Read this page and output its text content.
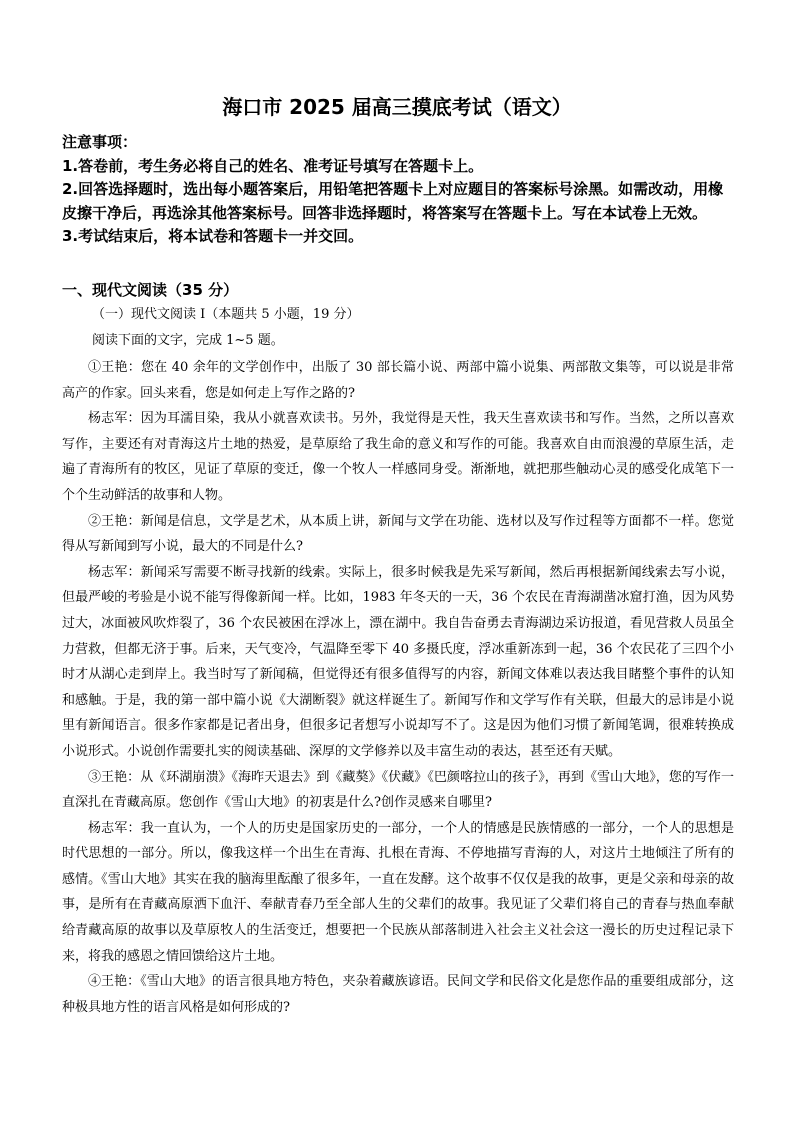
海口市 2025 届高三摸底考试（语文）

注意事项：

1.答卷前，考生务必将自己的姓名、准考证号填写在答题卡上。

2.回答选择题时，选出每小题答案后，用铅笔把答题卡上对应题目的答案标号涂黑。如需改动，用橡皮擦干净后，再选涂其他答案标号。回答非选择题时，将答案写在答题卡上。写在本试卷上无效。

3.考试结束后，将本试卷和答题卡一并交回。

一、现代文阅读（35 分）
（一）现代文阅读 Ⅰ（本题共 5 小题，19 分）
阅读下面的文字，完成 1~5 题。

①王艳：您在 40 余年的文学创作中，出版了 30 部长篇小说、两部中篇小说集、两部散文集等，可以说是非常高产的作家。回头来看，您是如何走上写作之路的?

杨志军：因为耳濡目染，我从小就喜欢读书。另外，我觉得是天性，我天生喜欢读书和写作。当然，之所以喜欢写作，主要还有对青海这片土地的热爱，是草原给了我生命的意义和写作的可能。我喜欢自由而浪漫的草原生活，走遍了青海所有的牧区，见证了草原的变迁，像一个牧人一样感同身受。渐渐地，就把那些触动心灵的感受化成笔下一个个生动鲜活的故事和人物。

②王艳：新闻是信息，文学是艺术，从本质上讲，新闻与文学在功能、选材以及写作过程等方面都不一样。您觉得从写新闻到写小说，最大的不同是什么?

杨志军：新闻采写需要不断寻找新的线索。实际上，很多时候我是先采写新闻，然后再根据新闻线索去写小说，但最严峻的考验是小说不能写得像新闻一样。比如，1983 年冬天的一天，36 个农民在青海湖凿冰窟打渔，因为风势过大，冰面被风吹炸裂了，36 个农民被困在浮冰上，漂在湖中。我自告奋勇去青海湖边采访报道，看见营救人员虽全力营救，但都无济于事。后来，天气变冷，气温降至零下 40 多摄氏度，浮冰重新冻到一起，36 个农民花了三四个小时才从湖心走到岸上。我当时写了新闻稿，但觉得还有很多值得写的内容，新闻文体难以表达我目睹整个事件的认知和感触。于是，我的第一部中篇小说《大湖断裂》就这样诞生了。新闻写作和文学写作有关联，但最大的忌讳是小说里有新闻语言。很多作家都是记者出身，但很多记者想写小说却写不了。这是因为他们习惯了新闻笔调，很难转换成小说形式。小说创作需要扎实的阅读基础、深厚的文学修养以及丰富生动的表达，甚至还有天赋。

③王艳：从《环湖崩溃》《海昨天退去》到《藏獒》《伏藏》《巴颜喀拉山的孩子》，再到《雪山大地》，您的写作一直深扎在青藏高原。您创作《雪山大地》的初衷是什么?创作灵感来自哪里?

杨志军：我一直认为，一个人的历史是国家历史的一部分，一个人的情感是民族情感的一部分，一个人的思想是时代思想的一部分。所以，像我这样一个出生在青海、扎根在青海、不停地描写青海的人，对这片土地倾注了所有的感情。《雪山大地》其实在我的脑海里酝酿了很多年，一直在发酵。这个故事不仅仅是我的故事，更是父亲和母亲的故事，是所有在青藏高原洒下血汗、奉献青春乃至全部人生的父辈们的故事。我见证了父辈们将自己的青春与热血奉献给青藏高原的故事以及草原牧人的生活变迁，想要把一个民族从部落制进入社会主义社会这一漫长的历史过程记录下来，将我的感恩之情回馈给这片土地。

④王艳：《雪山大地》的语言很具地方特色，夹杂着藏族谚语。民间文学和民俗文化是您作品的重要组成部分，这种极具地方性的语言风格是如何形成的?
